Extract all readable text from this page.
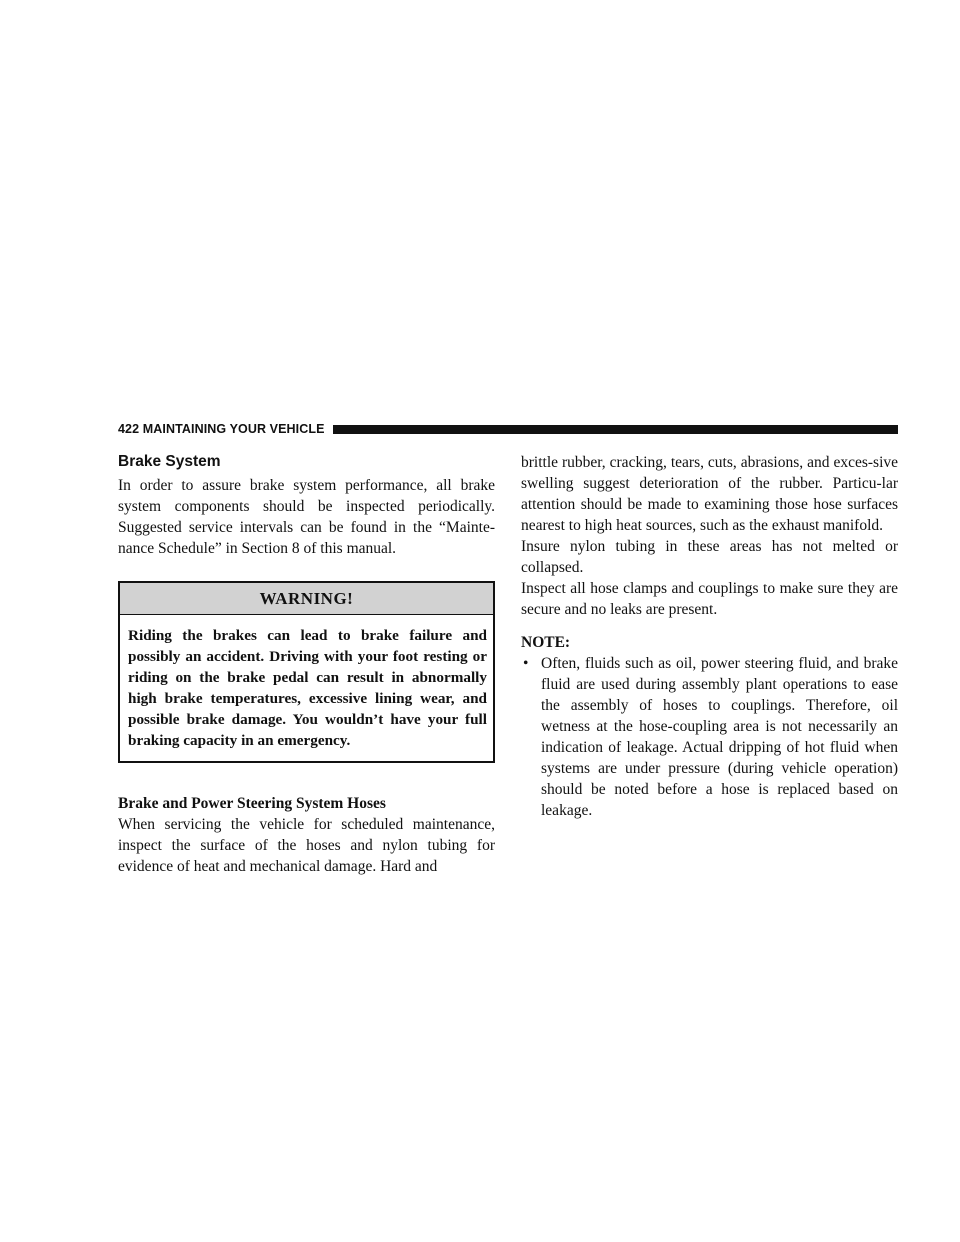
422 MAINTAINING YOUR VEHICLE
Brake System

In order to assure brake system performance, all brake system components should be inspected periodically. Suggested service intervals can be found in the “Mainte-nance Schedule” in Section 8 of this manual.

WARNING!
Riding the brakes can lead to brake failure and possibly an accident. Driving with your foot resting or riding on the brake pedal can result in abnormally high brake temperatures, excessive lining wear, and possible brake damage. You wouldn’t have your full braking capacity in an emergency.
Brake and Power Steering System Hoses

When servicing the vehicle for scheduled maintenance, inspect the surface of the hoses and nylon tubing for evidence of heat and mechanical damage. Hard and

brittle rubber, cracking, tears, cuts, abrasions, and exces-sive swelling suggest deterioration of the rubber. Particu-lar attention should be made to examining those hose surfaces nearest to high heat sources, such as the exhaust manifold.

Insure nylon tubing in these areas has not melted or collapsed.

Inspect all hose clamps and couplings to make sure they are secure and no leaks are present.

NOTE:
• Often, fluids such as oil, power steering fluid, and brake fluid are used during assembly plant operations to ease the assembly of hoses to couplings. Therefore, oil wetness at the hose-coupling area is not necessarily an indication of leakage. Actual dripping of hot fluid when systems are under pressure (during vehicle operation) should be noted before a hose is replaced based on leakage.
